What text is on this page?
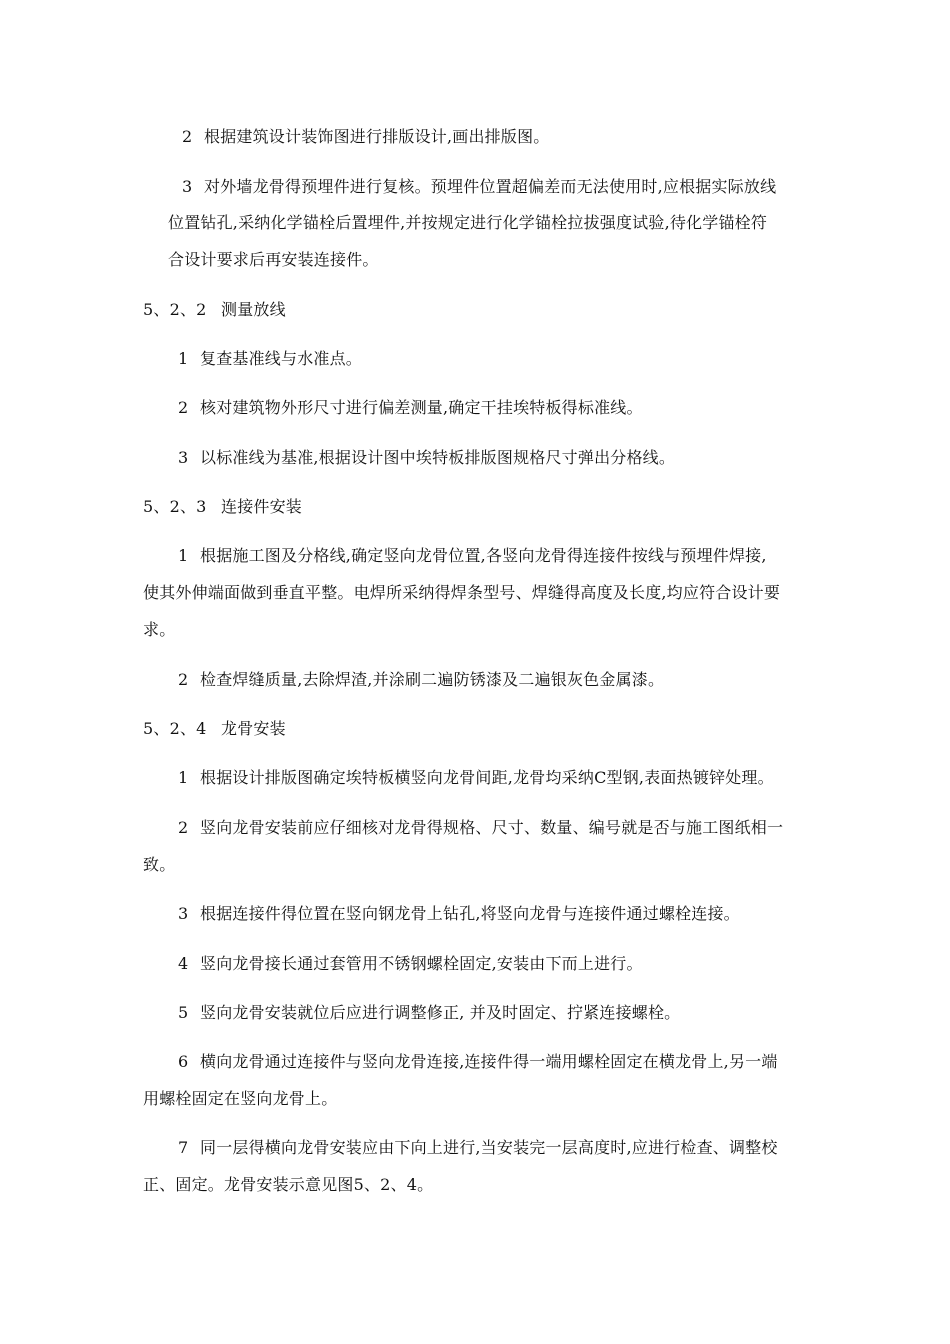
2 根据建筑设计装饰图进行排版设计,画出排版图。
3 对外墙龙骨得预埋件进行复核。预埋件位置超偏差而无法使用时,应根据实际放线
位置钻孔,采纳化学锚栓后置埋件,并按规定进行化学锚栓拉拔强度试验,待化学锚栓符
合设计要求后再安装连接件。
5、2、2 测量放线
1 复查基准线与水准点。
2 核对建筑物外形尺寸进行偏差测量,确定干挂埃特板得标准线。
3 以标准线为基准,根据设计图中埃特板排版图规格尺寸弹出分格线。
5、2、3 连接件安装
1 根据施工图及分格线,确定竖向龙骨位置,各竖向龙骨得连接件按线与预埋件焊接,
使其外伸端面做到垂直平整。电焊所采纳得焊条型号、焊缝得高度及长度,均应符合设计要
求。
2 检查焊缝质量,去除焊渣,并涂刷二遍防锈漆及二遍银灰色金属漆。
5、2、4 龙骨安装
1 根据设计排版图确定埃特板横竖向龙骨间距,龙骨均采纳C型钢,表面热镀锌处理。
2 竖向龙骨安装前应仔细核对龙骨得规格、尺寸、数量、编号就是否与施工图纸相一
致。
3 根据连接件得位置在竖向钢龙骨上钻孔,将竖向龙骨与连接件通过螺栓连接。
4 竖向龙骨接长通过套管用不锈钢螺栓固定,安装由下而上进行。
5 竖向龙骨安装就位后应进行调整修正, 并及时固定、拧紧连接螺栓。
6 横向龙骨通过连接件与竖向龙骨连接,连接件得一端用螺栓固定在横龙骨上,另一端
用螺栓固定在竖向龙骨上。
7 同一层得横向龙骨安装应由下向上进行,当安装完一层高度时,应进行检查、调整校
正、固定。龙骨安装示意见图5、2、4。
